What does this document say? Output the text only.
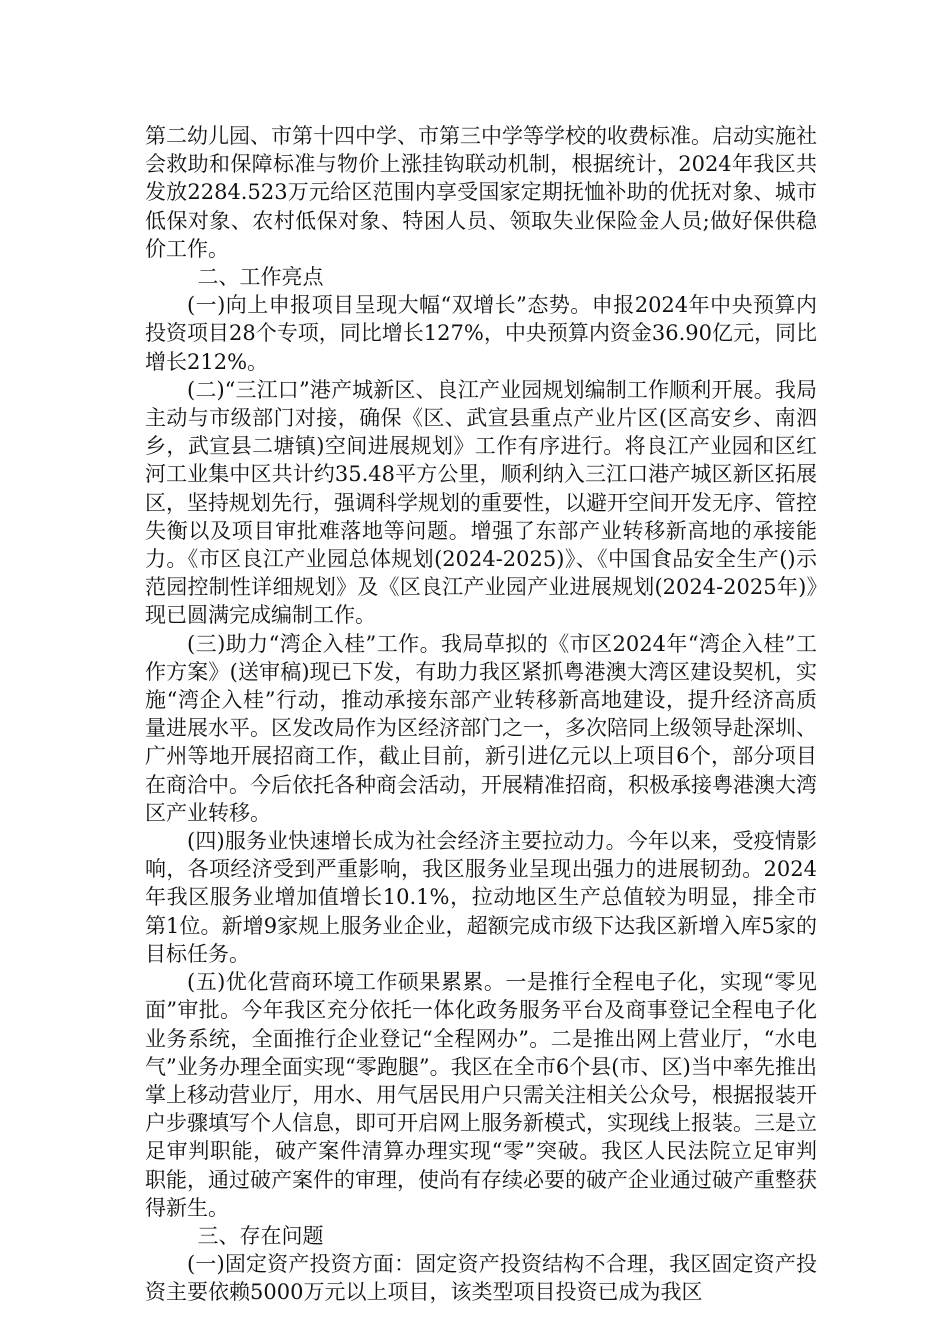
第二幼儿园、市第十四中学、市第三中学等学校的收费标准。启动实施社会救助和保障标准与物价上涨挂钩联动机制，根据统计，2024年我区共发放2284.523万元给区范围内享受国家定期抚恤补助的优抚对象、城市低保对象、农村低保对象、特困人员、领取失业保险金人员;做好保供稳价工作。

二、工作亮点

(一)向上申报项目呈现大幅“双增长”态势。申报2024年中央预算内投资项目28个专项，同比增长127%，中央预算内资金36.90亿元，同比增长212%。

(二)“三江口”港产城新区、良江产业园规划编制工作顺利开展。我局主动与市级部门对接，确保《区、武宣县重点产业片区(区高安乡、南泗乡，武宣县二塘镇)空间进展规划》工作有序进行。将良江产业园和区红河工业集中区共计约35.48平方公里，顺利纳入三江口港产城区新区拓展区，坚持规划先行，强调科学规划的重要性，以避开空间开发无序、管控失衡以及项目审批难落地等问题。增强了东部产业转移新高地的承接能力。《市区良江产业园总体规划(2024-2025)》、《中国食品安全生产()示范园控制性详细规划》及《区良江产业园产业进展规划(2024-2025年)》现已圆满完成编制工作。

(三)助力“湾企入桂”工作。我局草拟的《市区2024年“湾企入桂”工作方案》(送审稿)现已下发，有助力我区紧抓粤港澳大湾区建设契机，实施“湾企入桂”行动，推动承接东部产业转移新高地建设，提升经济高质量进展水平。区发改局作为区经济部门之一，多次陪同上级领导赴深圳、广州等地开展招商工作，截止目前，新引进亿元以上项目6个，部分项目在商洽中。今后依托各种商会活动，开展精准招商，积极承接粤港澳大湾区产业转移。

(四)服务业快速增长成为社会经济主要拉动力。今年以来，受疫情影响，各项经济受到严重影响，我区服务业呈现出强力的进展韧劲。2024年我区服务业增加值增长10.1%，拉动地区生产总值较为明显，排全市第1位。新增9家规上服务业企业，超额完成市级下达我区新增入库5家的目标任务。

(五)优化营商环境工作硕果累累。一是推行全程电子化，实现“零见面”审批。今年我区充分依托一体化政务服务平台及商事登记全程电子化业务系统，全面推行企业登记“全程网办”。二是推出网上营业厅，“水电气”业务办理全面实现“零跑腿”。我区在全市6个县(市、区)当中率先推出掌上移动营业厅，用水、用气居民用户只需关注相关公众号，根据报装开户步骤填写个人信息，即可开启网上服务新模式，实现线上报装。三是立足审判职能，破产案件清算办理实现“零”突破。我区人民法院立足审判职能，通过破产案件的审理，使尚有存续必要的破产企业通过破产重整获得新生。

三、存在问题

(一)固定资产投资方面：固定资产投资结构不合理，我区固定资产投资主要依赖5000万元以上项目，该类型项目投资已成为我区
